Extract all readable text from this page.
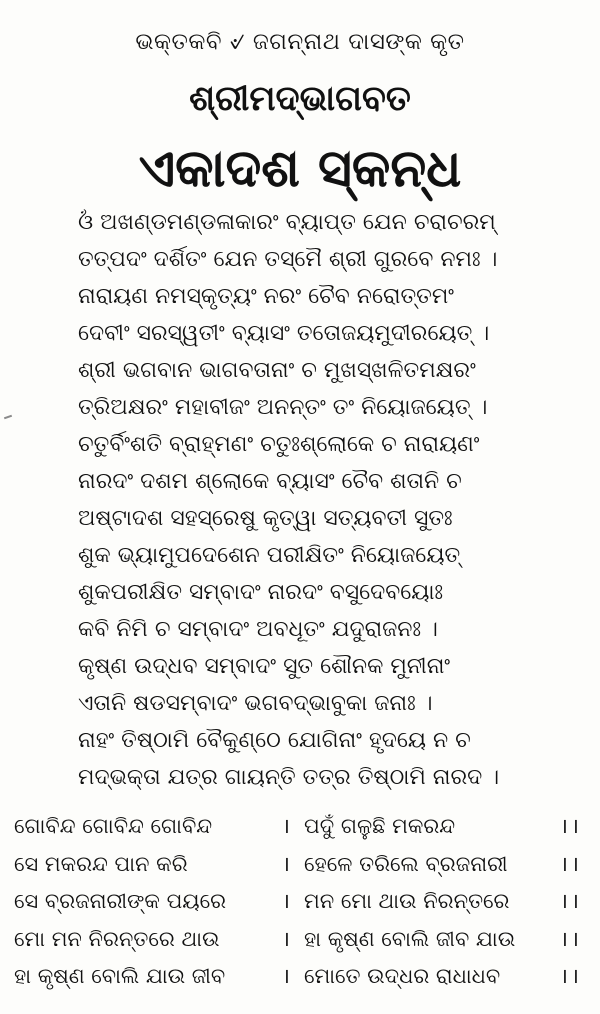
ଭକ୍ତକବି ୰ ଜଗନ୍ନାଥ ଦାସଙ୍କ କୃତ
ଶ୍ରୀମଦ୍ଭାଗବତ
ଏକାଦଶ ସ୍କନ୍ଧ
ଓଁ ଅଖଣ୍ଡମଣ୍ଡଳାକାରଂ ବ୍ୟାପ୍ତ ଯେନ ଚରାଚରମ୍
ତତ୍ପଦଂ ଦର୍ଶିତଂ ଯେନ ତସ୍ମୈ ଶ୍ରୀ ଗୁରବେ ନମଃ ।
ନାରାୟଣ ନମସ୍କୃତ୍ୟଂ ନରଂ ଚୈବ ନରୋତ୍ତମଂ
ଦେବୀଂ ସରସ୍ୱତୀଂ ବ୍ୟାସଂ ତତୋଜୟମୁଦୀରୟେତ୍ ।
ଶ୍ରୀ ଭଗବାନ ଭାଗବତାନାଂ ଚ ମୁଖସ୍ଖଳିତମକ୍ଷରଂ
ତ୍ରିଅକ୍ଷରଂ ମହାବୀଜଂ ଅନନ୍ତଂ ତଂ ନିୟୋଜୟେତ୍ ।
ଚତୁର୍ବିଂଶତି ବ୍ରାହ୍ମଣଂ ଚତୁଃଶ୍ଲୋକେ ଚ ନାରାୟଣଂ
ନାରଦଂ ଦଶମ ଶ୍ଲୋକେ ବ୍ୟାସଂ ଚୈବ ଶତାନି ଚ
ଅଷ୍ଟାଦଶ ସହସ୍ରେଷୁ କୃତ୍ୱା ସତ୍ୟବତୀ ସୁତଃ
ଶୁକ ଭ୍ୟାମୁପଦେଶେନ ପରୀକ୍ଷିତଂ ନିୟୋଜୟେତ୍
ଶୁକପରୀକ୍ଷିତ ସମ୍ବାଦଂ ନାରଦଂ ବସୁଦେବୟୋଃ
କବି ନିମି ଚ ସମ୍ବାଦଂ ଅବଧୂତଂ ଯଦୁରାଜନଃ ।
କୃଷ୍ଣ ଉଦ୍ଧବ ସମ୍ବାଦଂ ସୁତ ଶୌନକ ମୁନୀନାଂ
ଏତାନି ଷଡସମ୍ବାଦଂ ଭଗବଦ୍ଭାବୁକା ଜନାଃ ।
ନାହଂ ତିଷ୍ଠାମି ବୈକୁଣ୍ଠେ ଯୋଗିନାଂ ହୃଦୟେ ନ ଚ
ମଦ୍ଭକ୍ତା ଯତ୍ର ଗାୟନ୍ତି ତତ୍ର ତିଷ୍ଠାମି ନାରଦ ।
ଗୋବିନ୍ଦ ଗୋବିନ୍ଦ ଗୋବିନ୍ଦ	। ପଦୁଁ ଗଳୁଛି ମକରନ୍ଦ	।।
ସେ ମକରନ୍ଦ ପାନ କରି	। ହେଳେ ତରିଲେ ବ୍ରଜନାରୀ ।।
ସେ ବ୍ରଜନାରୀଙ୍କ ପୟରେ	। ମନ ମୋ ଥାଉ ନିରନ୍ତରେ ।।
ମୋ ମନ ନିରନ୍ତରେ ଥାଉ	। ହା କୃଷ୍ଣ ବୋଲି ଜୀବ ଯାଉ ।।
ହା କୃଷ୍ଣ ବୋଲି ଯାଉ ଜୀବ	। ମୋତେ ଉଦ୍ଧର ରାଧାଧବ	।।
